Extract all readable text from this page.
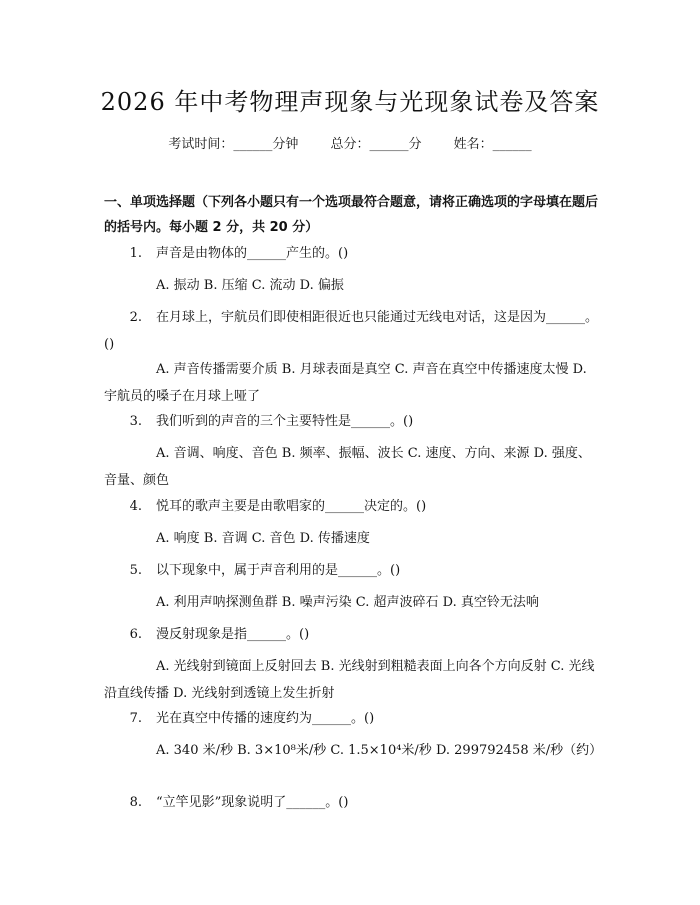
2026 年中考物理声现象与光现象试卷及答案
考试时间：______分钟 总分：______分 姓名：______
一、单项选择题（下列各小题只有一个选项最符合题意，请将正确选项的字母填在题后的括号内。每小题 2 分，共 20 分）
1. 声音是由物体的______产生的。()
A. 振动 B. 压缩 C. 流动 D. 偏振
2. 在月球上，宇航员们即使相距很近也只能通过无线电对话，这是因为______。()
A. 声音传播需要介质 B. 月球表面是真空 C. 声音在真空中传播速度太慢 D. 宇航员的嗓子在月球上哑了
3. 我们听到的声音的三个主要特性是______。()
A. 音调、响度、音色 B. 频率、振幅、波长 C. 速度、方向、来源 D. 强度、音量、颜色
4. 悦耳的歌声主要是由歌唱家的______决定的。()
A. 响度 B. 音调 C. 音色 D. 传播速度
5. 以下现象中，属于声音利用的是______。()
A. 利用声呐探测鱼群 B. 噪声污染 C. 超声波碎石 D. 真空铃无法响
6. 漫反射现象是指______。()
A. 光线射到镜面上反射回去 B. 光线射到粗糙表面上向各个方向反射 C. 光线沿直线传播 D. 光线射到透镜上发生折射
7. 光在真空中传播的速度约为______。()
A. 340 米/秒 B. 3×10⁸米/秒 C. 1.5×10⁴米/秒 D. 299792458 米/秒（约）
8. “立竿见影”现象说明了______。()
